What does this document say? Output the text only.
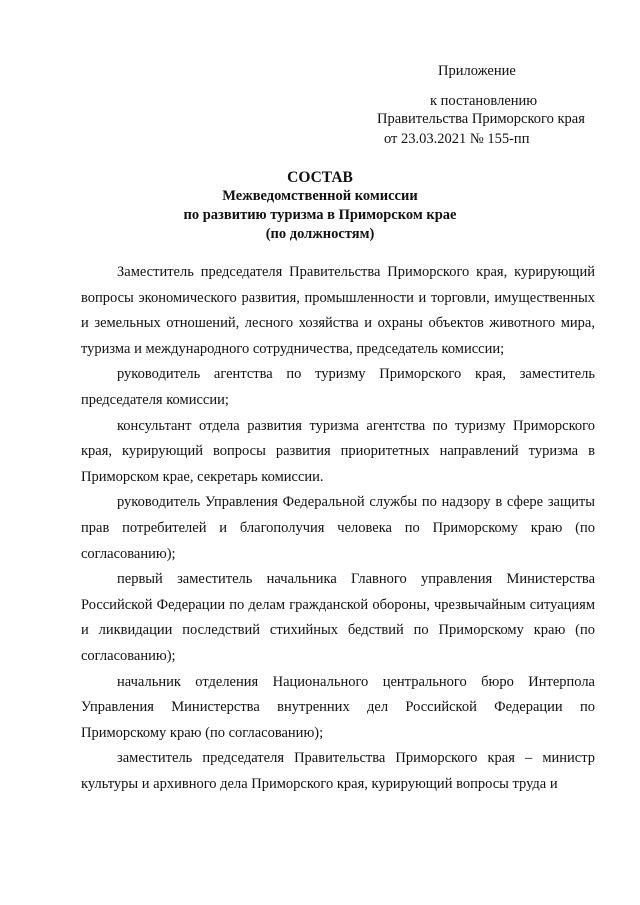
Приложение
к постановлению
Правительства Приморского края
от 23.03.2021 № 155-пп
СОСТАВ
Межведомственной комиссии
по развитию туризма в Приморском крае
(по должностям)

Заместитель председателя Правительства Приморского края, курирующий вопросы экономического развития, промышленности и торговли, имущественных и земельных отношений, лесного хозяйства и охраны объектов животного мира, туризма и международного сотрудничества, председатель комиссии;

руководитель агентства по туризму Приморского края, заместитель председателя комиссии;

консультант отдела развития туризма агентства по туризму Приморского края, курирующий вопросы развития приоритетных направлений туризма в Приморском крае, секретарь комиссии.

руководитель Управления Федеральной службы по надзору в сфере защиты прав потребителей и благополучия человека по Приморскому краю (по согласованию);

первый заместитель начальника Главного управления Министерства Российской Федерации по делам гражданской обороны, чрезвычайным ситуациям и ликвидации последствий стихийных бедствий по Приморскому краю (по согласованию);

начальник отделения Национального центрального бюро Интерпола Управления Министерства внутренних дел Российской Федерации по Приморскому краю (по согласованию);

заместитель председателя Правительства Приморского края – министр культуры и архивного дела Приморского края, курирующий вопросы труда и
